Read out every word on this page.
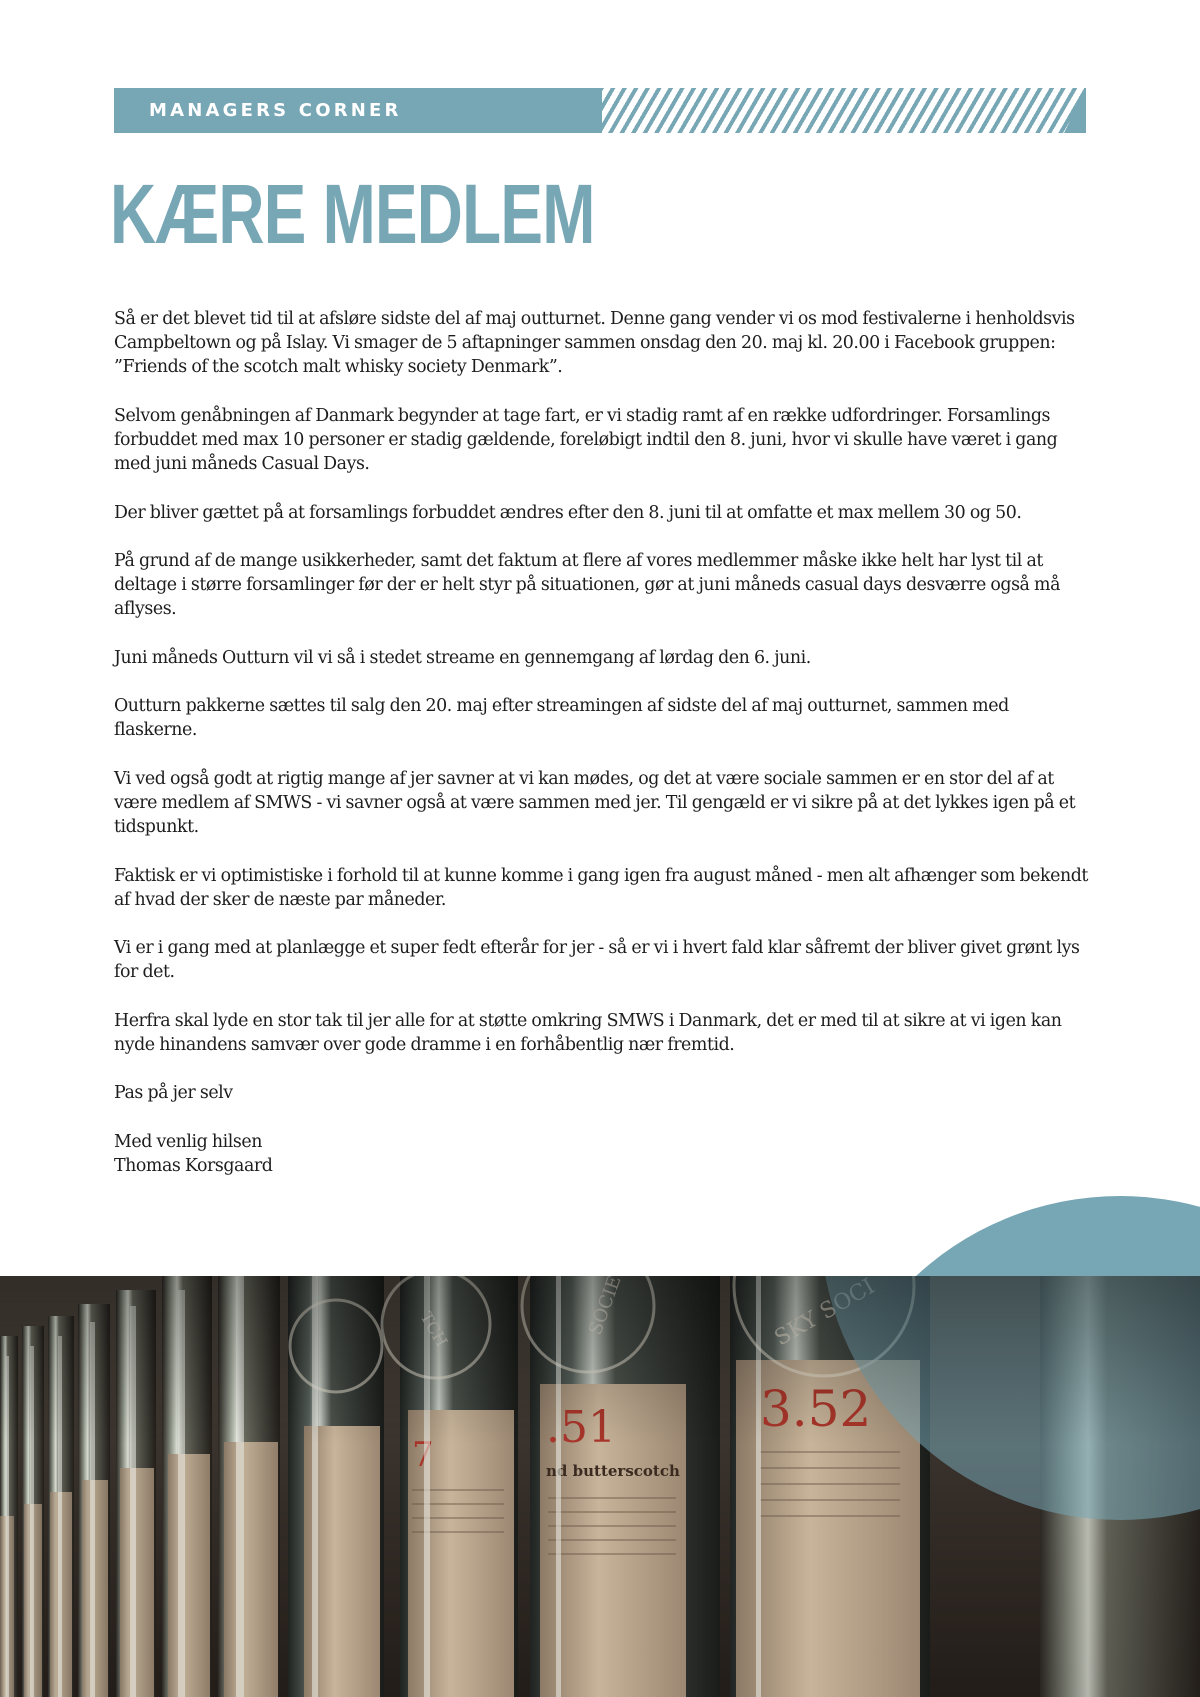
MANAGERS CORNER
KÆRE MEDLEM

Så er det blevet tid til at afsløre sidste del af maj outturnet. Denne gang vender vi os mod festivalerne i henholdsvis Campbeltown og på Islay. Vi smager de 5 aftapninger sammen onsdag den 20. maj kl. 20.00 i Facebook gruppen: ”Friends of the scotch malt whisky society Denmark”.

Selvom genåbningen af Danmark begynder at tage fart, er vi stadig ramt af en række udfordringer. Forsamlings forbuddet med max 10 personer er stadig gældende, foreløbigt indtil den 8. juni, hvor vi skulle have været i gang med juni måneds Casual Days.

Der bliver gættet på at forsamlings forbuddet ændres efter den 8. juni til at omfatte et max mellem 30 og 50.

På grund af de mange usikkerheder, samt det faktum at flere af vores medlemmer måske ikke helt har lyst til at deltage i større forsamlinger før der er helt styr på situationen, gør at juni måneds casual days desværre også må aflyses.

Juni måneds Outturn vil vi så i stedet streame en gennemgang af lørdag den 6. juni.

Outturn pakkerne sættes til salg den 20. maj efter streamingen af sidste del af maj outturnet, sammen med flaskerne.

Vi ved også godt at rigtig mange af jer savner at vi kan mødes, og det at være sociale sammen er en stor del af at være medlem af SMWS - vi savner også at være sammen med jer. Til gengæld er vi sikre på at det lykkes igen på et tidspunkt.

Faktisk er vi optimistiske i forhold til at kunne komme i gang igen fra august måned - men alt afhænger som bekendt af hvad der sker de næste par måneder.

Vi er i gang med at planlægge et super fedt efterår for jer - så er vi i hvert fald klar såfremt der bliver givet grønt lys for det.

Herfra skal lyde en stor tak til jer alle for at støtte omkring SMWS i Danmark, det er med til at sikre at vi igen kan nyde hinandens samvær over gode dramme i en forhåbentlig nær fremtid.

Pas på jer selv

Med venlig hilsen

Thomas Korsgaard
